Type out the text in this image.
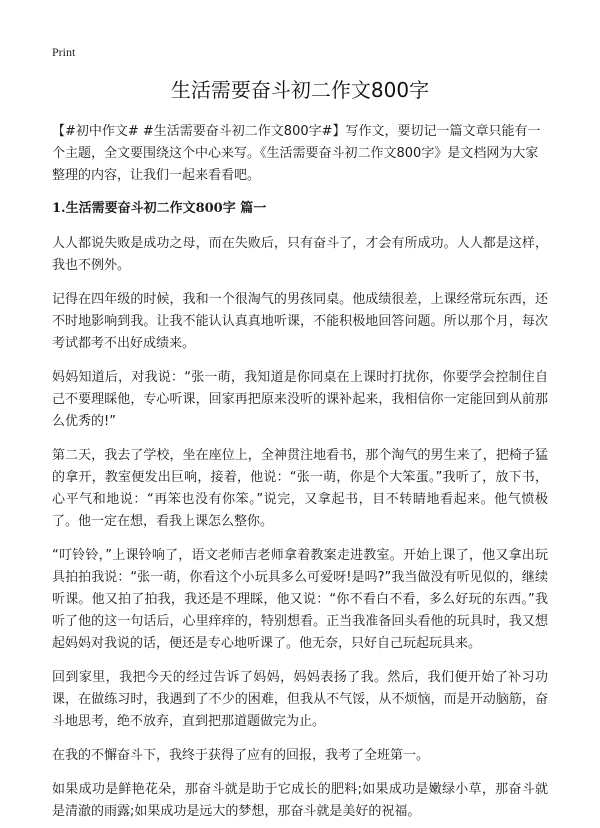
Print
生活需要奋斗初二作文800字

【#初中作文# #生活需要奋斗初二作文800字#】写作文，要切记一篇文章只能有一个主题，全文要围绕这个中心来写。《生活需要奋斗初二作文800字》是文档网为大家整理的内容，让我们一起来看看吧。

1.生活需要奋斗初二作文800字 篇一

人人都说失败是成功之母，而在失败后，只有奋斗了，才会有所成功。人人都是这样，我也不例外。

记得在四年级的时候，我和一个很淘气的男孩同桌。他成绩很差，上课经常玩东西，还不时地影响到我。让我不能认认真真地听课，不能积极地回答问题。所以那个月，每次考试都考不出好成绩来。

妈妈知道后，对我说：“张一萌，我知道是你同桌在上课时打扰你，你要学会控制住自己不要理睬他，专心听课，回家再把原来没听的课补起来，我相信你一定能回到从前那么优秀的!”

第二天，我去了学校，坐在座位上，全神贯注地看书，那个淘气的男生来了，把椅子猛的拿开，教室便发出巨响，接着，他说：“张一萌，你是个大笨蛋。”我听了，放下书，心平气和地说：“再笨也没有你笨。”说完，又拿起书，目不转睛地看起来。他气愤极了。他一定在想，看我上课怎么整你。

“叮铃铃，”上课铃响了，语文老师吉老师拿着教案走进教室。开始上课了，他又拿出玩具拍拍我说：“张一萌，你看这个小玩具多么可爱呀!是吗?”我当做没有听见似的，继续听课。他又拍了拍我，我还是不理睬，他又说：“你不看白不看，多么好玩的东西。”我听了他的这一句话后，心里痒痒的，特别想看。正当我准备回头看他的玩具时，我又想起妈妈对我说的话，便还是专心地听课了。他无奈，只好自己玩起玩具来。

回到家里，我把今天的经过告诉了妈妈，妈妈表扬了我。然后，我们便开始了补习功课，在做练习时，我遇到了不少的困难，但我从不气馁，从不烦恼，而是开动脑筋，奋斗地思考，绝不放弃，直到把那道题做完为止。

在我的不懈奋斗下，我终于获得了应有的回报，我考了全班第一。

如果成功是鲜艳花朵，那奋斗就是助于它成长的肥料;如果成功是嫩绿小草，那奋斗就是清澈的雨露;如果成功是远大的梦想，那奋斗就是美好的祝福。
